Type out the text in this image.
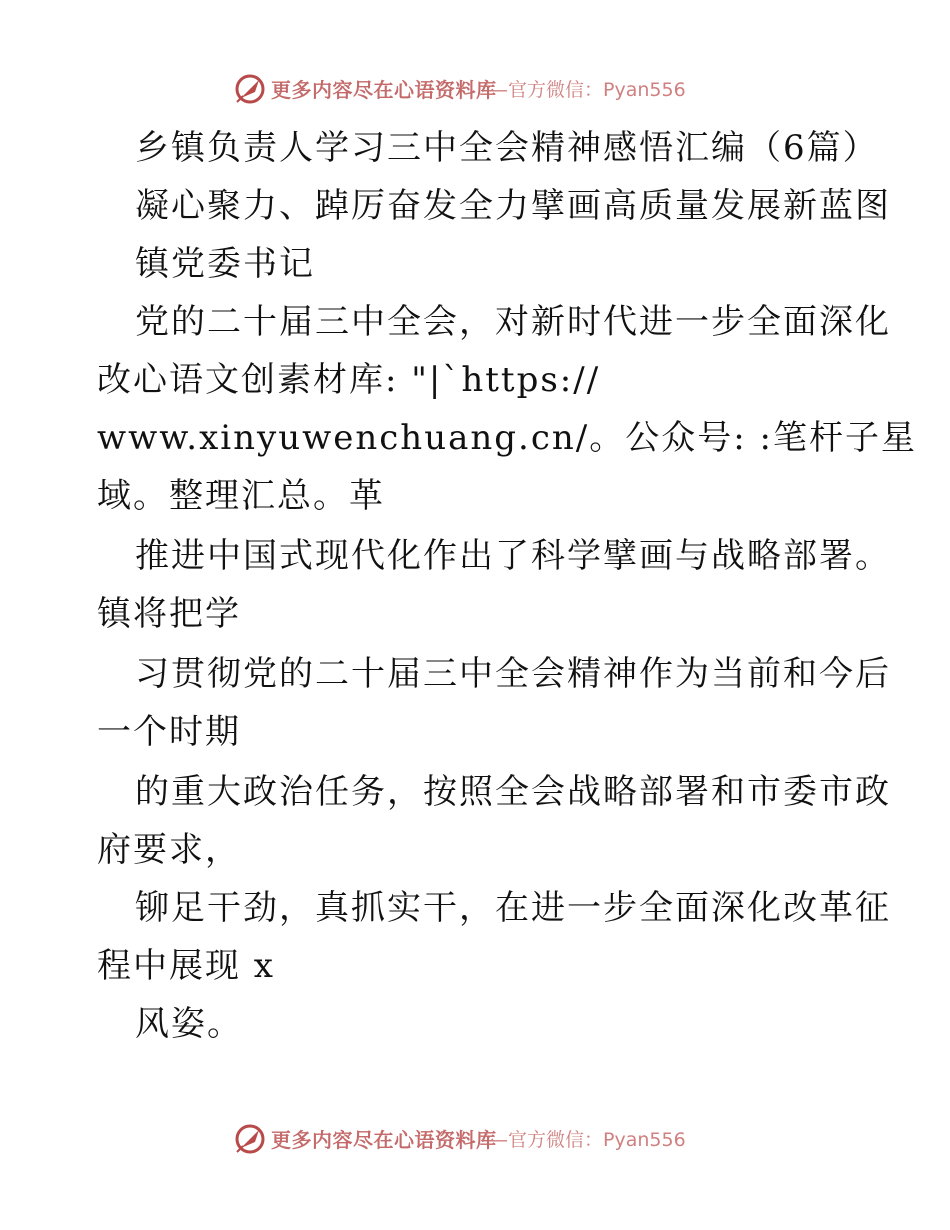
更多内容尽在心语资料库
—官方微信：Pyan556
乡镇负责人学习三中全会精神感悟汇编（6篇）
凝心聚力、踔厉奋发全力擘画高质量发展新蓝图
镇党委书记
党的二十届三中全会，对新时代进一步全面深化
改心语文创素材库: "|`https://
www.xinyuwenchuang.cn/。公众号: :笔杆子星
域。整理汇总。革
推进中国式现代化作出了科学擘画与战略部署。
镇将把学
习贯彻党的二十届三中全会精神作为当前和今后
一个时期
的重大政治任务，按照全会战略部署和市委市政
府要求，
铆足干劲，真抓实干，在进一步全面深化改革征
程中展现 x
风姿。
更多内容尽在心语资料库
—官方微信：Pyan556
